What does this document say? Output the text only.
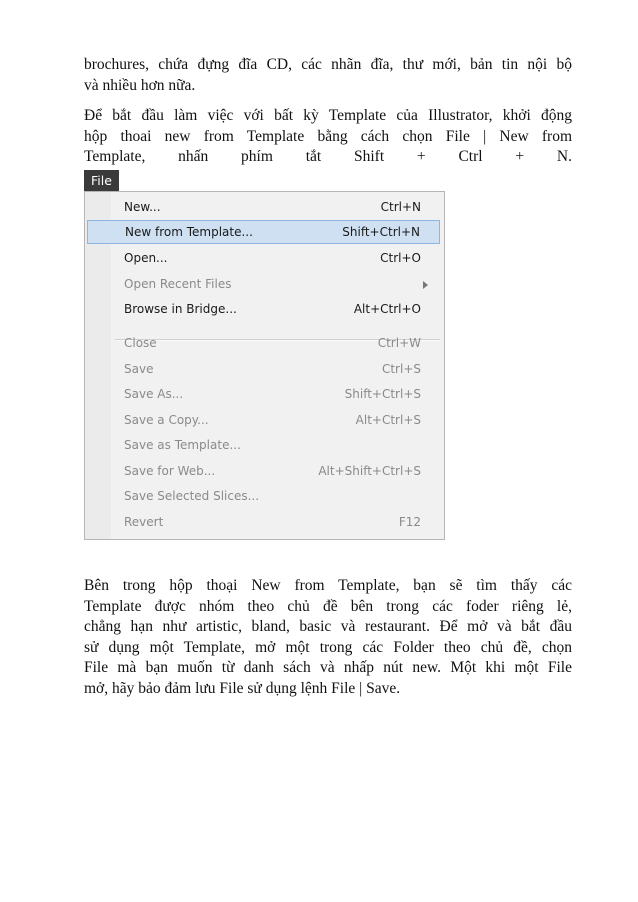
brochures, chứa đựng đĩa CD, các nhãn đĩa, thư mới, bản tin nội bộ
và nhiều hơn nữa.
Để bắt đầu làm việc với bất kỳ Template của Illustrator, khởi động
hộp thoai new from Template bằng cách chọn File | New from
Template, nhấn phím tắt Shift + Ctrl + N.
File
New...	Ctrl+N
New from Template...	Shift+Ctrl+N
Open...	Ctrl+O
Open Recent Files
Browse in Bridge...	Alt+Ctrl+O
Close	Ctrl+W
Save	Ctrl+S
Save As...	Shift+Ctrl+S
Save a Copy...	Alt+Ctrl+S
Save as Template...
Save for Web...	Alt+Shift+Ctrl+S
Save Selected Slices...
Revert	F12
Bên trong hộp thoại New from Template, bạn sẽ tìm thấy các
Template được nhóm theo chủ đề bên trong các foder riêng lẻ,
chẳng hạn như artistic, bland, basic và restaurant. Để mở và bắt đầu
sử dụng một Template, mở một trong các Folder theo chủ đề, chọn
File mà bạn muốn từ danh sách và nhấp nút new. Một khi một File
mở, hãy bảo đảm lưu File sử dụng lệnh File | Save.
